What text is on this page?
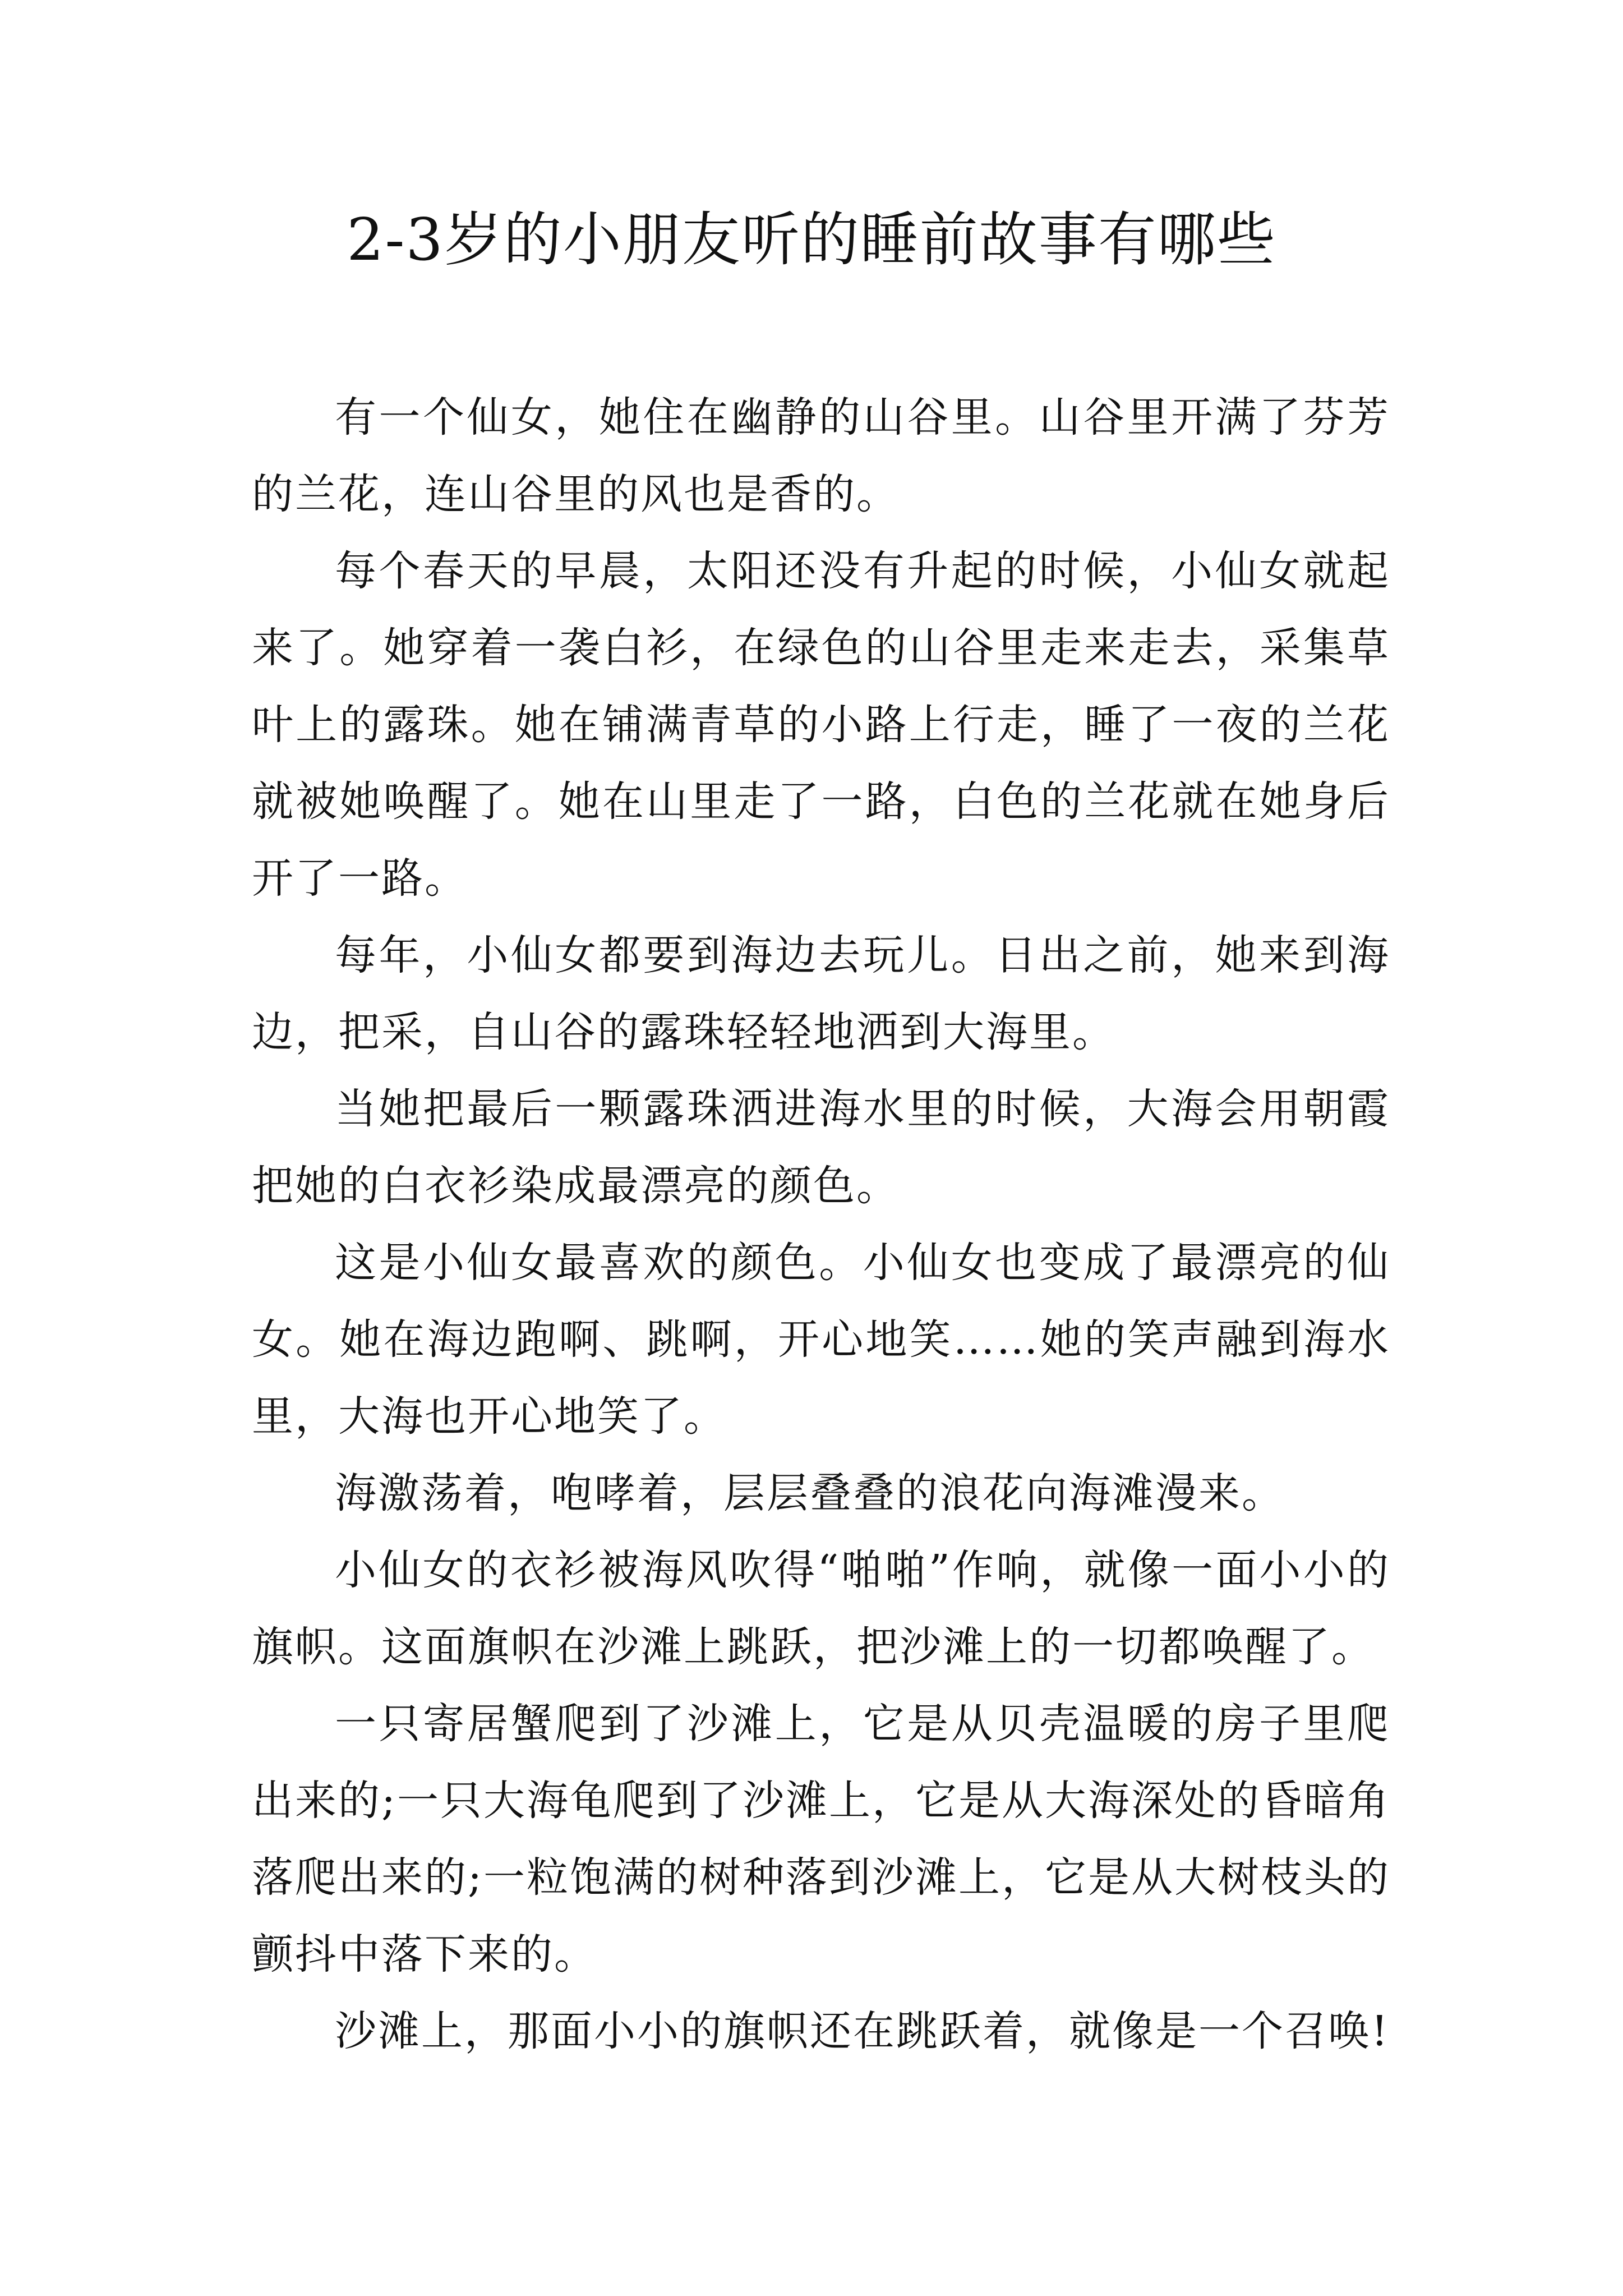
2-3岁的小朋友听的睡前故事有哪些

有一个仙女，她住在幽静的山谷里。山谷里开满了芬芳的兰花，连山谷里的风也是香的。

每个春天的早晨，太阳还没有升起的时候，小仙女就起来了。她穿着一袭白衫，在绿色的山谷里走来走去，采集草叶上的露珠。她在铺满青草的小路上行走，睡了一夜的兰花就被她唤醒了。她在山里走了一路，白色的兰花就在她身后开了一路。

每年，小仙女都要到海边去玩儿。日出之前，她来到海边，把采，自山谷的露珠轻轻地洒到大海里。

当她把最后一颗露珠洒进海水里的时候，大海会用朝霞把她的白衣衫染成最漂亮的颜色。

这是小仙女最喜欢的颜色。小仙女也变成了最漂亮的仙女。她在海边跑啊、跳啊，开心地笑……她的笑声融到海水里，大海也开心地笑了。

海激荡着，咆哮着，层层叠叠的浪花向海滩漫来。

小仙女的衣衫被海风吹得“啪啪”作响，就像一面小小的旗帜。这面旗帜在沙滩上跳跃，把沙滩上的一切都唤醒了。

一只寄居蟹爬到了沙滩上，它是从贝壳温暖的房子里爬出来的;一只大海龟爬到了沙滩上，它是从大海深处的昏暗角落爬出来的;一粒饱满的树种落到沙滩上，它是从大树枝头的颤抖中落下来的。

沙滩上，那面小小的旗帜还在跳跃着，就像是一个召唤!
